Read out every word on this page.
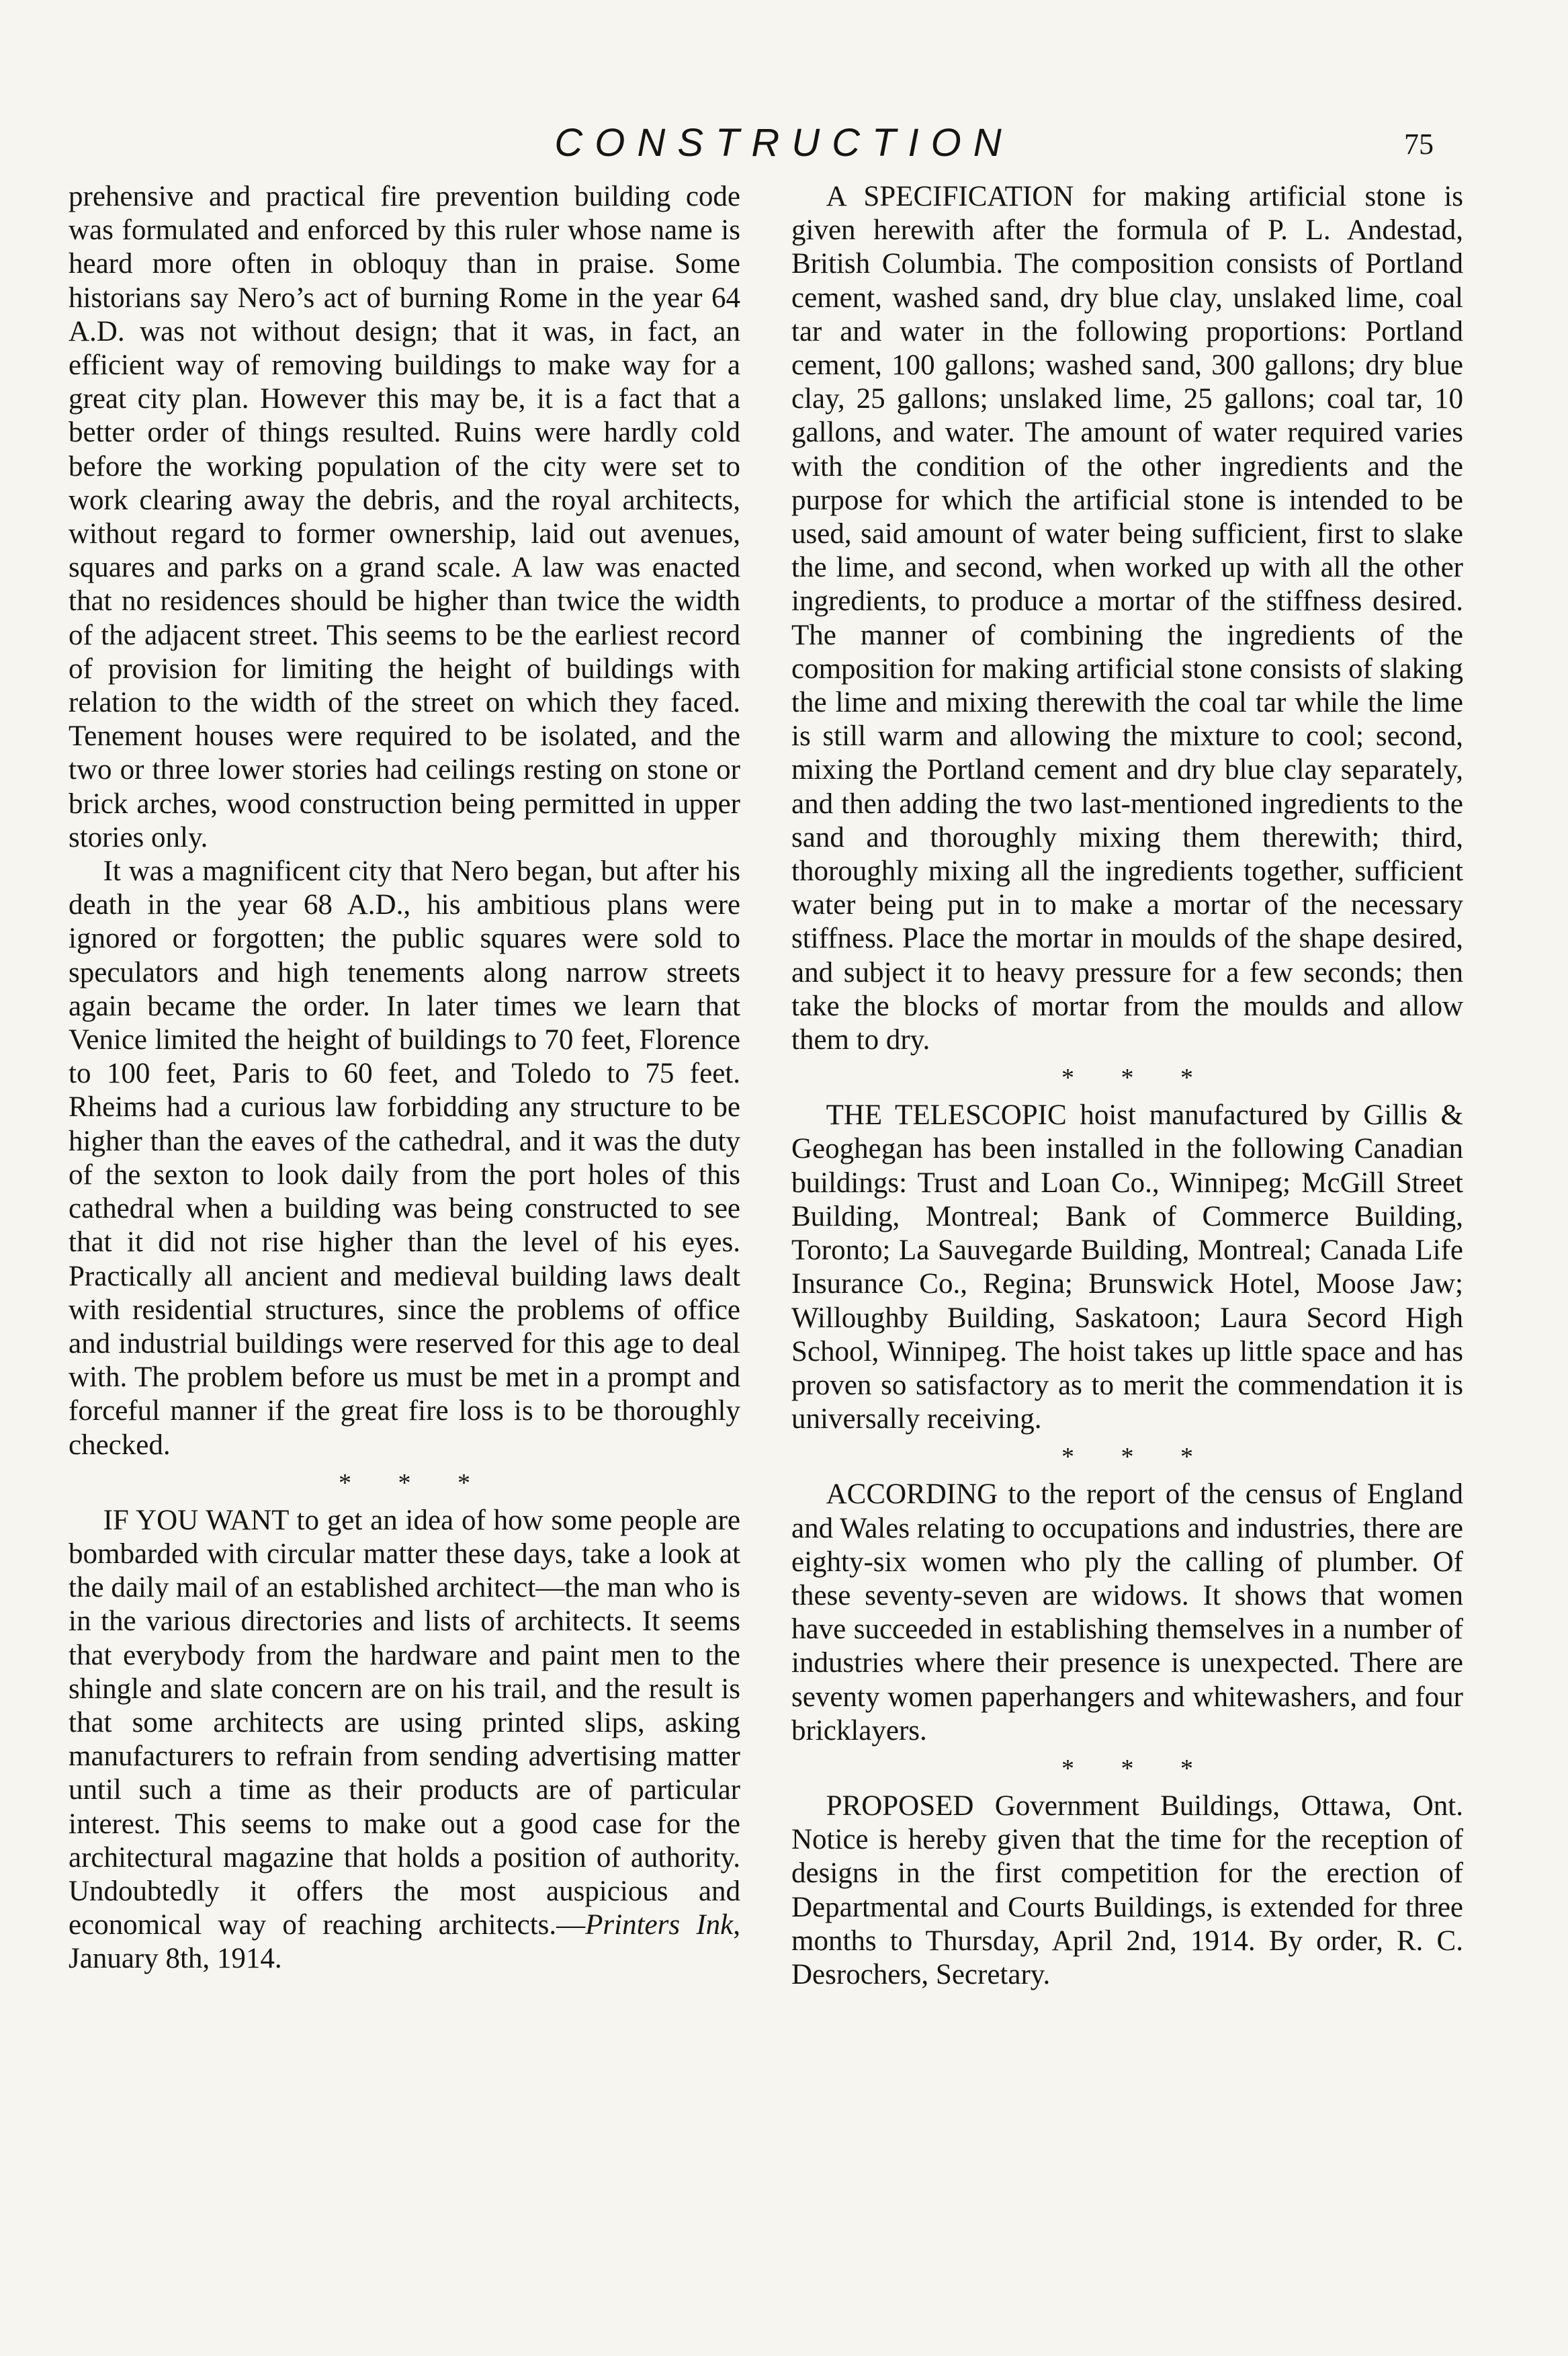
CONSTRUCTION	75

prehensive and practical fire prevention building code was formulated and enforced by this ruler whose name is heard more often in obloquy than in praise. Some historians say Nero’s act of burning Rome in the year 64 A.D. was not without design; that it was, in fact, an efficient way of removing buildings to make way for a great city plan. However this may be, it is a fact that a better order of things resulted. Ruins were hardly cold before the working population of the city were set to work clearing away the debris, and the royal architects, without regard to former ownership, laid out avenues, squares and parks on a grand scale. A law was enacted that no residences should be higher than twice the width of the adjacent street. This seems to be the earliest record of provision for limiting the height of buildings with relation to the width of the street on which they faced. Tenement houses were required to be isolated, and the two or three lower stories had ceilings resting on stone or brick arches, wood construction being permitted in upper stories only.

It was a magnificent city that Nero began, but after his death in the year 68 A.D., his ambitious plans were ignored or forgotten; the public squares were sold to speculators and high tenements along narrow streets again became the order. In later times we learn that Venice limited the height of buildings to 70 feet, Florence to 100 feet, Paris to 60 feet, and Toledo to 75 feet. Rheims had a curious law forbidding any structure to be higher than the eaves of the cathedral, and it was the duty of the sexton to look daily from the port holes of this cathedral when a building was being constructed to see that it did not rise higher than the level of his eyes. Practically all ancient and medieval building laws dealt with residential structures, since the problems of office and industrial buildings were reserved for this age to deal with. The problem before us must be met in a prompt and forceful manner if the great fire loss is to be thoroughly checked.

* * *

IF YOU WANT to get an idea of how some people are bombarded with circular matter these days, take a look at the daily mail of an established architect—the man who is in the various directories and lists of architects. It seems that everybody from the hardware and paint men to the shingle and slate concern are on his trail, and the result is that some architects are using printed slips, asking manufacturers to refrain from sending advertising matter until such a time as their products are of particular interest. This seems to make out a good case for the architectural magazine that holds a position of authority. Undoubtedly it offers the most auspicious and economical way of reaching architects.—Printers Ink, January 8th, 1914.

A SPECIFICATION for making artificial stone is given herewith after the formula of P. L. Andestad, British Columbia. The composition consists of Portland cement, washed sand, dry blue clay, unslaked lime, coal tar and water in the following proportions: Portland cement, 100 gallons; washed sand, 300 gallons; dry blue clay, 25 gallons; unslaked lime, 25 gallons; coal tar, 10 gallons, and water. The amount of water required varies with the condition of the other ingredients and the purpose for which the artificial stone is intended to be used, said amount of water being sufficient, first to slake the lime, and second, when worked up with all the other ingredients, to produce a mortar of the stiffness desired. The manner of combining the ingredients of the composition for making artificial stone consists of slaking the lime and mixing therewith the coal tar while the lime is still warm and allowing the mixture to cool; second, mixing the Portland cement and dry blue clay separately, and then adding the two last-mentioned ingredients to the sand and thoroughly mixing them therewith; third, thoroughly mixing all the ingredients together, sufficient water being put in to make a mortar of the necessary stiffness. Place the mortar in moulds of the shape desired, and subject it to heavy pressure for a few seconds; then take the blocks of mortar from the moulds and allow them to dry.

* * *

THE TELESCOPIC hoist manufactured by Gillis & Geoghegan has been installed in the following Canadian buildings: Trust and Loan Co., Winnipeg; McGill Street Building, Montreal; Bank of Commerce Building, Toronto; La Sauvegarde Building, Montreal; Canada Life Insurance Co., Regina; Brunswick Hotel, Moose Jaw; Willoughby Building, Saskatoon; Laura Secord High School, Winnipeg. The hoist takes up little space and has proven so satisfactory as to merit the commendation it is universally receiving.

* * *

ACCORDING to the report of the census of England and Wales relating to occupations and industries, there are eighty-six women who ply the calling of plumber. Of these seventy-seven are widows. It shows that women have succeeded in establishing themselves in a number of industries where their presence is unexpected. There are seventy women paperhangers and whitewashers, and four bricklayers.

* * *

PROPOSED Government Buildings, Ottawa, Ont. Notice is hereby given that the time for the reception of designs in the first competition for the erection of Departmental and Courts Buildings, is extended for three months to Thursday, April 2nd, 1914. By order, R. C. Desrochers, Secretary.
